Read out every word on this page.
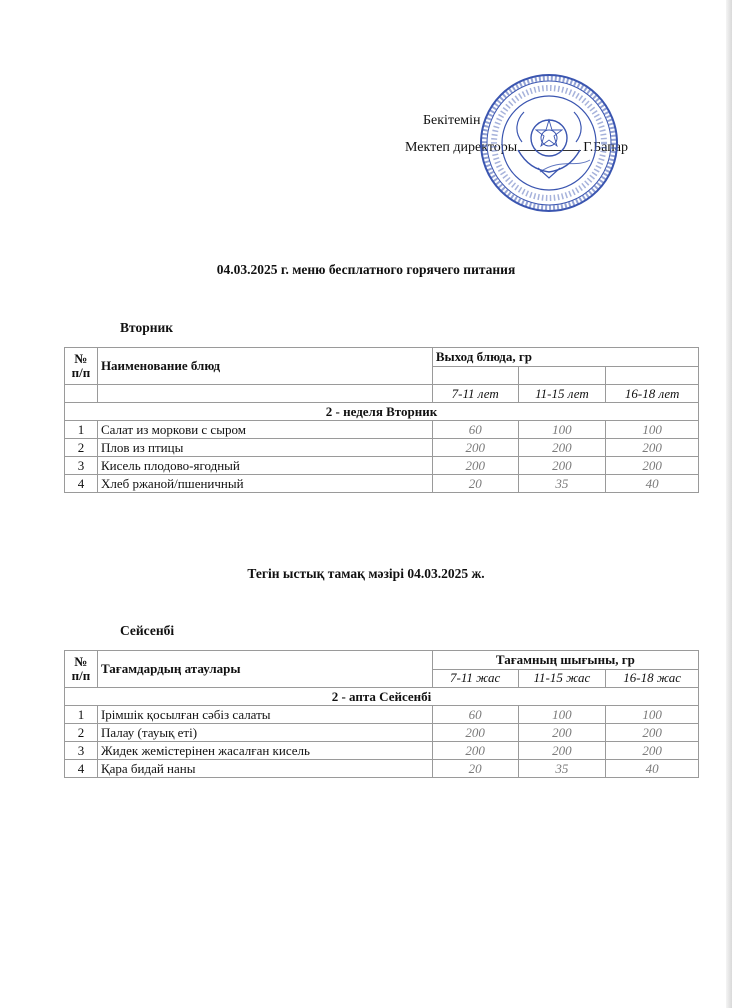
Бекітемін
Мектеп директоры	Г.Бапар
04.03.2025 г. меню бесплатного горячего питания
Вторник
№ п/п	Наименование блюд	Выход блюда, гр		

		7-11 лет	11-15 лет	16-18 лет
2 - неделя Вторник				
1	Салат из моркови с сыром	60	100	100
2	Плов из птицы	200	200	200
3	Кисель плодово-ягодный	200	200	200
4	Хлеб ржаной/пшеничный	20	35	40
Тегін ыстық тамақ мәзірі 04.03.2025 ж.
Сейсенбі
№ п/п	Тағамдардың атаулары	Тағамның шығыны, гр		
		7-11 жас	11-15 жас	16-18 жас
2 - апта Сейсенбі				
1	Ірімшік қосылған сәбіз салаты	60	100	100
2	Палау (тауық еті)	200	200	200
3	Жидек жемістерінен жасалған кисель	200	200	200
4	Қара бидай наны	20	35	40
